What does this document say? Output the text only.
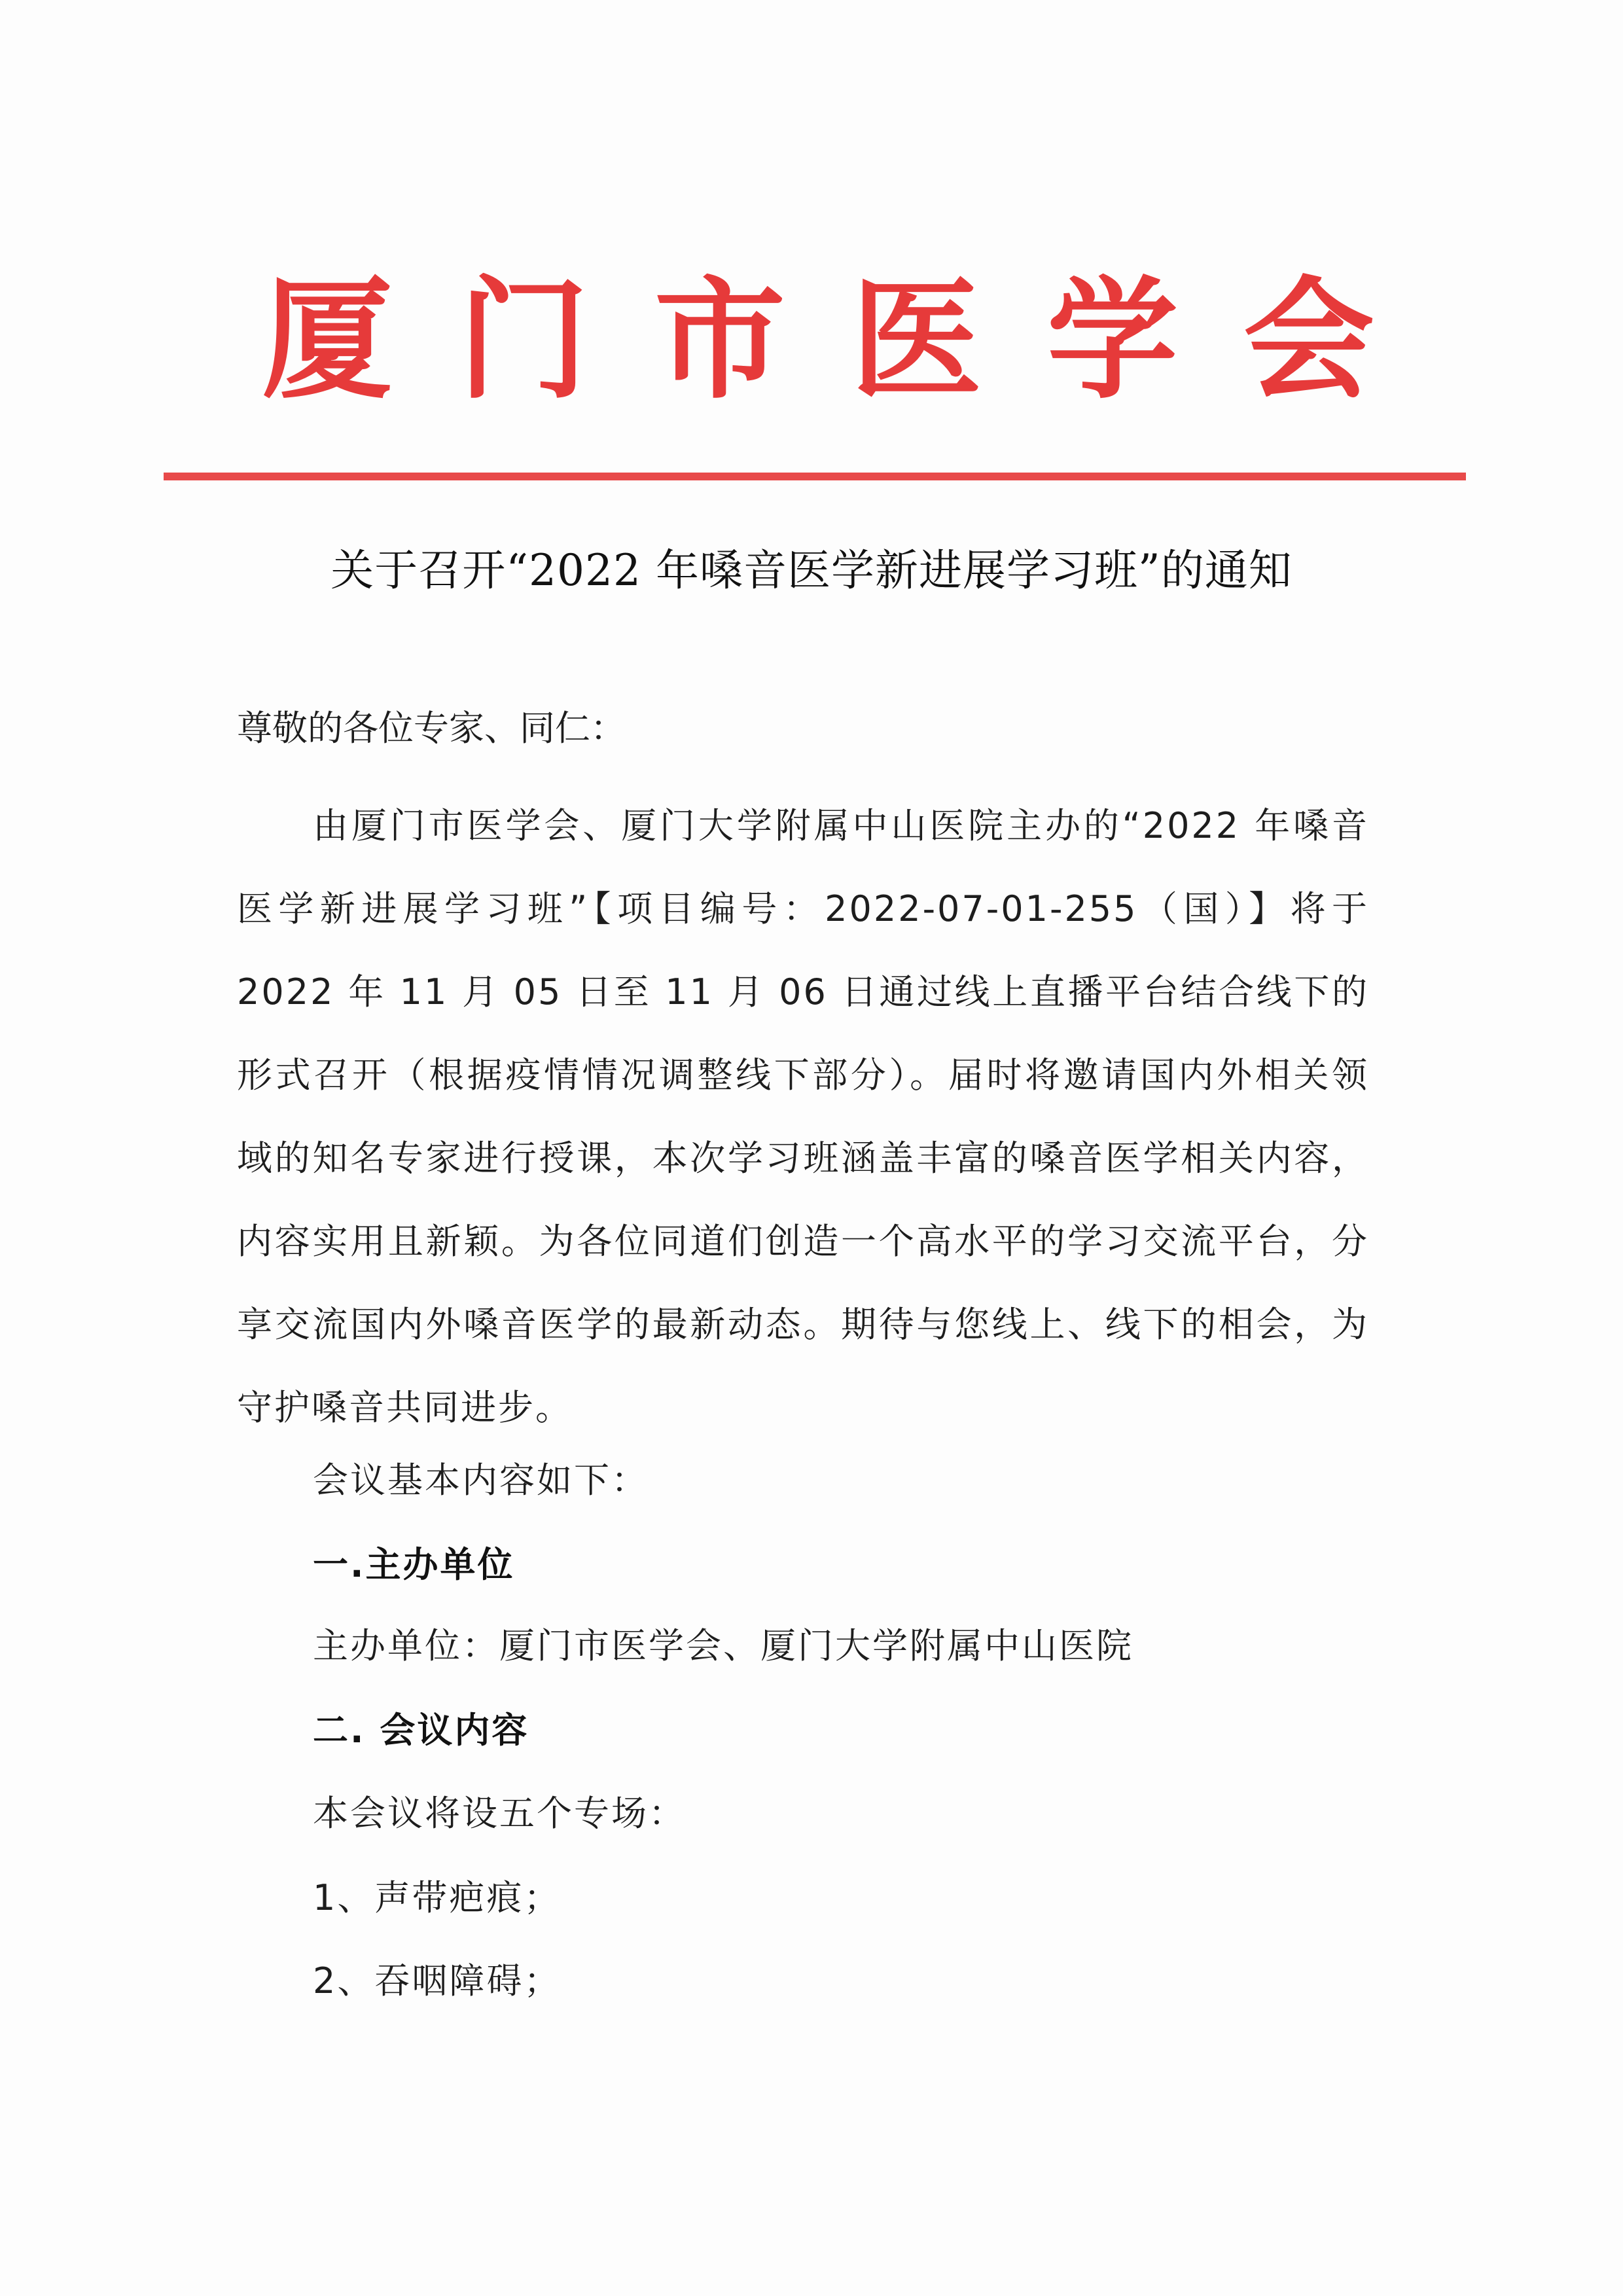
厦 门 市 医 学 会
关于召开“2022 年嗓音医学新进展学习班”的通知
尊敬的各位专家、同仁：
由厦门市医学会、厦门大学附属中山医院主办的“2022 年嗓音医学新进展学习班”【项目编号：2022-07-01-255（国）】将于 2022 年 11 月 05 日至 11 月 06 日通过线上直播平台结合线下的形式召开（根据疫情情况调整线下部分）。届时将邀请国内外相关领域的知名专家进行授课，本次学习班涵盖丰富的嗓音医学相关内容，内容实用且新颖。为各位同道们创造一个高水平的学习交流平台，分享交流国内外嗓音医学的最新动态。期待与您线上、线下的相会，为守护嗓音共同进步。
会议基本内容如下：
一.主办单位
主办单位：厦门市医学会、厦门大学附属中山医院
二. 会议内容
本会议将设五个专场：
1、声带疤痕；
2、吞咽障碍；
